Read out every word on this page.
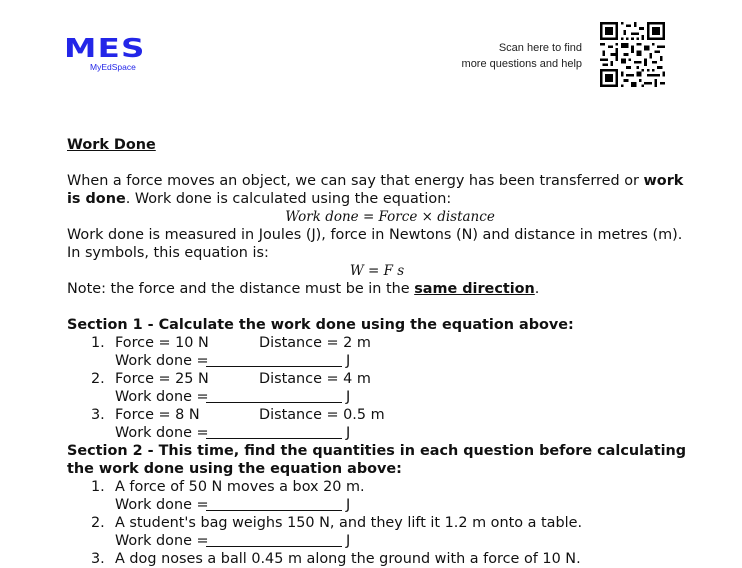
MES
MyEdSpace
Scan here to find
more questions and help

Work Done

When a force moves an object, we can say that energy has been transferred or work is done. Work done is calculated using the equation:

Work done = Force × distance

Work done is measured in Joules (J), force in Newtons (N) and distance in metres (m). In symbols, this equation is:

W = F s

Note: the force and the distance must be in the same direction.

Section 1 - Calculate the work done using the equation above:

1. Force = 10 N	Distance = 2 m
Work done =	J
2. Force = 25 N	Distance = 4 m
Work done =	J
3. Force = 8 N	Distance = 0.5 m
Work done =	J

Section 2 - This time, find the quantities in each question before calculating the work done using the equation above:

1. A force of 50 N moves a box 20 m.
Work done =	J
2. A student's bag weighs 150 N, and they lift it 1.2 m onto a table.
Work done =	J
3. A dog noses a ball 0.45 m along the ground with a force of 10 N.
